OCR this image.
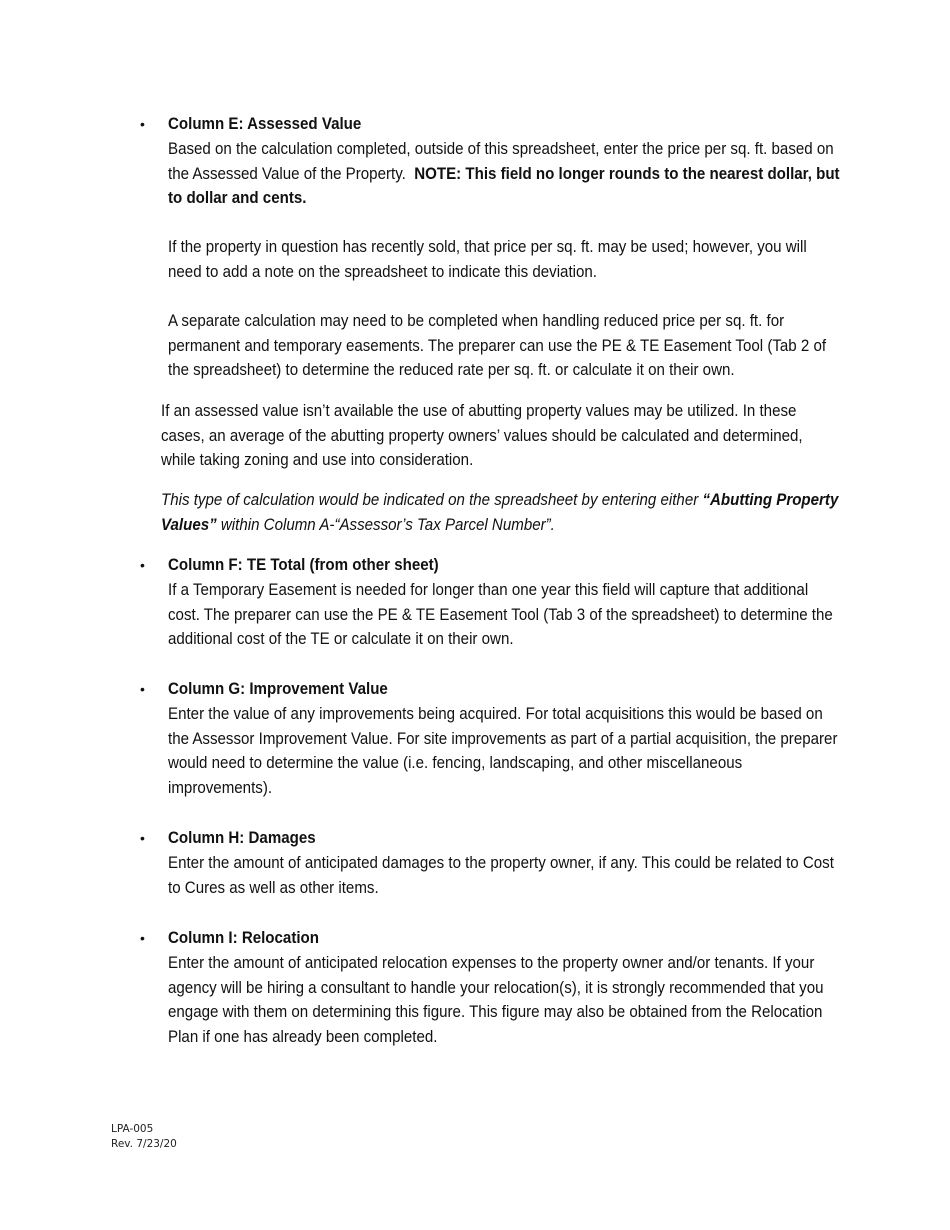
• Column E: Assessed Value

Based on the calculation completed, outside of this spreadsheet, enter the price per sq. ft. based on the Assessed Value of the Property. NOTE: This field no longer rounds to the nearest dollar, but to dollar and cents.

If the property in question has recently sold, that price per sq. ft. may be used; however, you will need to add a note on the spreadsheet to indicate this deviation.

A separate calculation may need to be completed when handling reduced price per sq. ft. for permanent and temporary easements. The preparer can use the PE & TE Easement Tool (Tab 2 of the spreadsheet) to determine the reduced rate per sq. ft. or calculate it on their own.

If an assessed value isn’t available the use of abutting property values may be utilized. In these cases, an average of the abutting property owners’ values should be calculated and determined, while taking zoning and use into consideration.

This type of calculation would be indicated on the spreadsheet by entering either “Abutting Property Values” within Column A-“Assessor’s Tax Parcel Number”.

• Column F: TE Total (from other sheet)

If a Temporary Easement is needed for longer than one year this field will capture that additional cost. The preparer can use the PE & TE Easement Tool (Tab 3 of the spreadsheet) to determine the additional cost of the TE or calculate it on their own.

• Column G: Improvement Value

Enter the value of any improvements being acquired. For total acquisitions this would be based on the Assessor Improvement Value. For site improvements as part of a partial acquisition, the preparer would need to determine the value (i.e. fencing, landscaping, and other miscellaneous improvements).

• Column H: Damages

Enter the amount of anticipated damages to the property owner, if any. This could be related to Cost to Cures as well as other items.

• Column I: Relocation

Enter the amount of anticipated relocation expenses to the property owner and/or tenants. If your agency will be hiring a consultant to handle your relocation(s), it is strongly recommended that you engage with them on determining this figure. This figure may also be obtained from the Relocation Plan if one has already been completed.

LPA-005
Rev. 7/23/20
